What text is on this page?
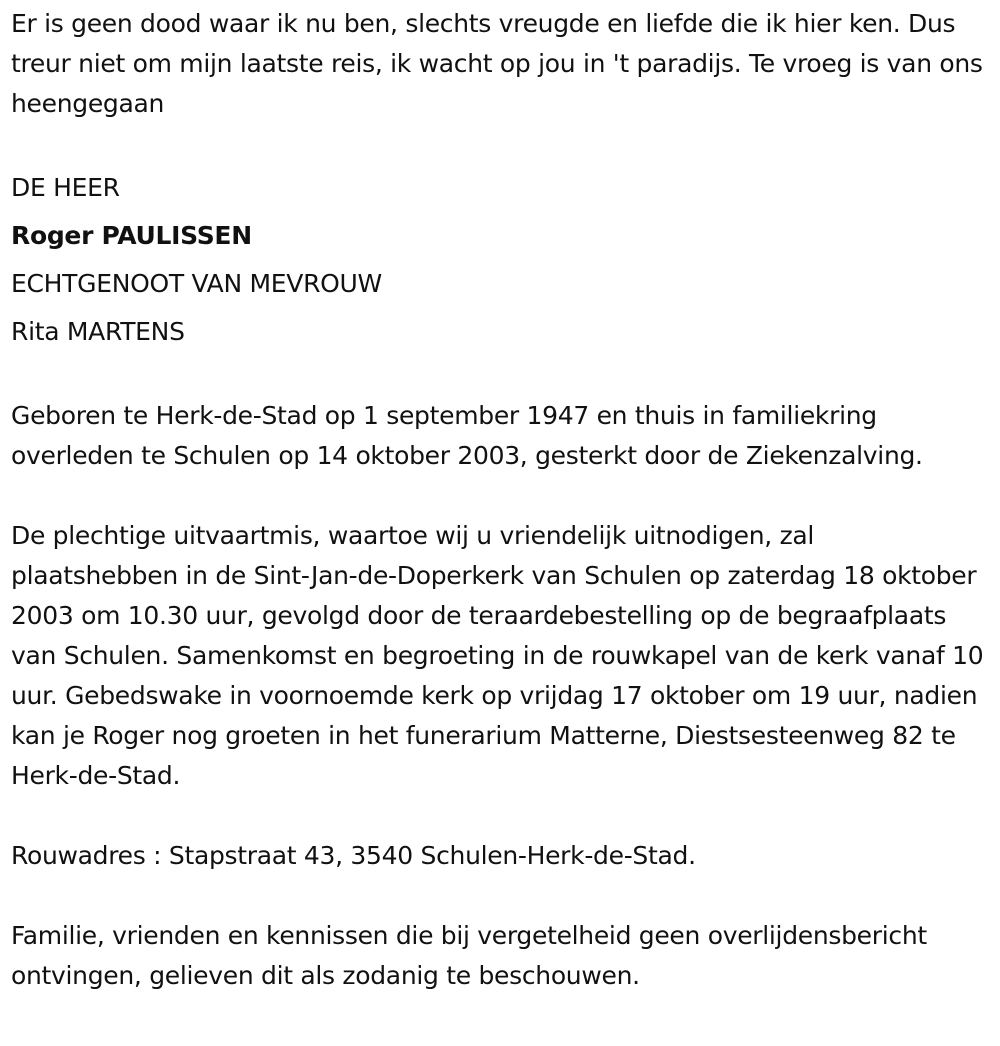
Er is geen dood waar ik nu ben, slechts vreugde en liefde die ik hier ken. Dus treur niet om mijn laatste reis, ik wacht op jou in 't paradijs. Te vroeg is van ons heengegaan

DE HEER

Roger PAULISSEN

ECHTGENOOT VAN MEVROUW

Rita MARTENS

Geboren te Herk-de-Stad op 1 september 1947 en thuis in familiekring overleden te Schulen op 14 oktober 2003, gesterkt door de Ziekenzalving.

De plechtige uitvaartmis, waartoe wij u vriendelijk uitnodigen, zal plaatshebben in de Sint-Jan-de-Doperkerk van Schulen op zaterdag 18 oktober 2003 om 10.30 uur, gevolgd door de teraardebestelling op de begraafplaats van Schulen. Samenkomst en begroeting in de rouwkapel van de kerk vanaf 10 uur. Gebedswake in voornoemde kerk op vrijdag 17 oktober om 19 uur, nadien kan je Roger nog groeten in het funerarium Matterne, Diestsesteenweg 82 te Herk-de-Stad.

Rouwadres : Stapstraat 43, 3540 Schulen-Herk-de-Stad.

Familie, vrienden en kennissen die bij vergetelheid geen overlijdensbericht ontvingen, gelieven dit als zodanig te beschouwen.
